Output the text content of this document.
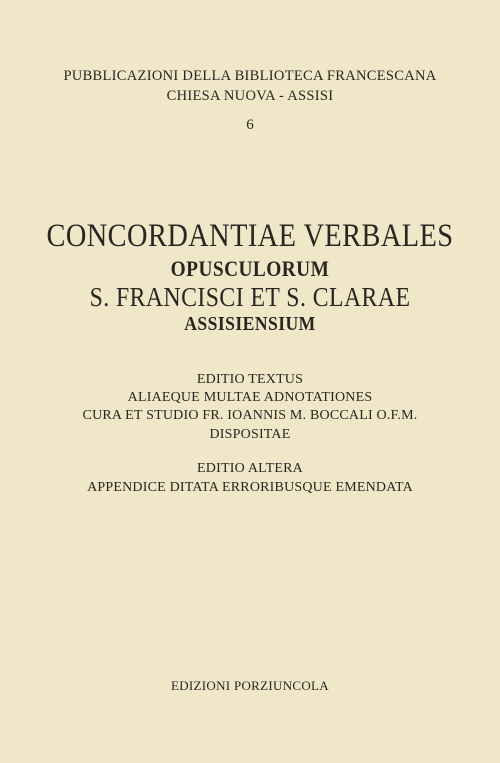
PUBBLICAZIONI DELLA BIBLIOTECA FRANCESCANA
CHIESA NUOVA - ASSISI
6
CONCORDANTIAE VERBALES
OPUSCULORUM
S. FRANCISCI ET S. CLARAE
ASSISIENSIUM
EDITIO TEXTUS
ALIAEQUE MULTAE ADNOTATIONES
CURA ET STUDIO FR. IOANNIS M. BOCCALI O.F.M.
DISPOSITAE
EDITIO ALTERA
APPENDICE DITATA ERRORIBUSQUE EMENDATA
EDIZIONI PORZIUNCOLA
